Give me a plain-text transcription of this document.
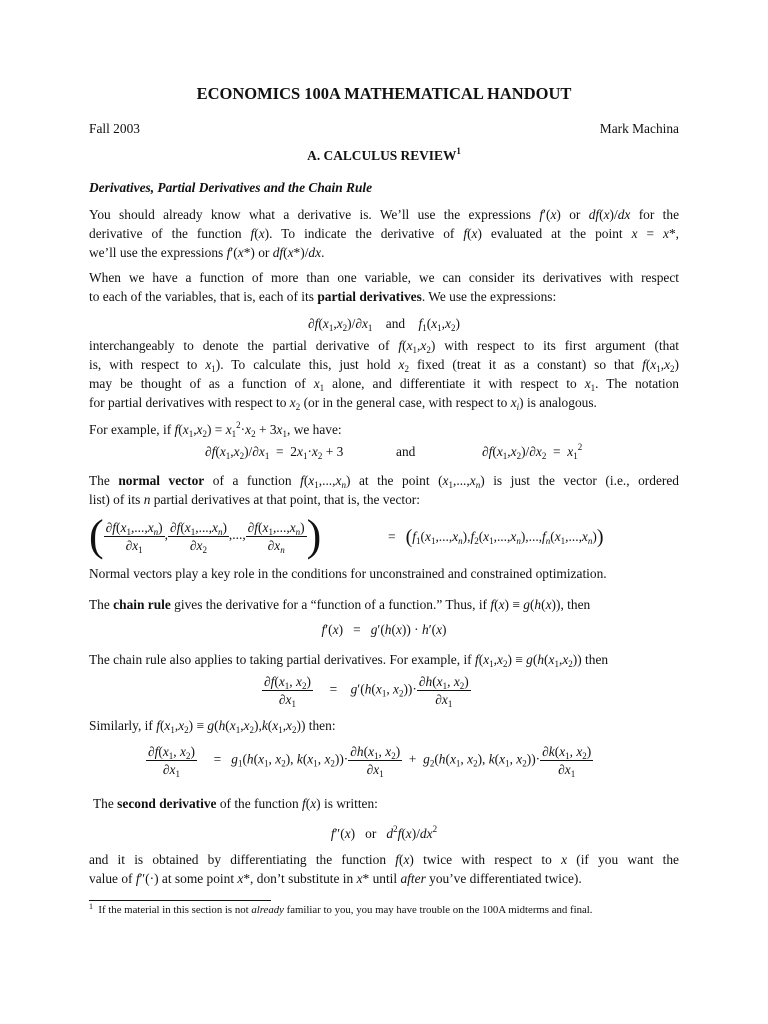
ECONOMICS 100A MATHEMATICAL HANDOUT
Fall 2003	Mark Machina
A. CALCULUS REVIEW$^1$
Derivatives, Partial Derivatives and the Chain Rule
You should already know what a derivative is. We’ll use the expressions f′(x) or df(x)/dx for the
derivative of the function f(x). To indicate the derivative of f(x) evaluated at the point x = x*,
we’ll use the expressions f′(x*) or df(x*)/dx.
When we have a function of more than one variable, we can consider its derivatives with respect
to each of the variables, that is, each of its partial derivatives. We use the expressions:
$\partial f(x_1,x_2)/\partial x_1$ and $f_1(x_1,x_2)$
interchangeably to denote the partial derivative of $f(x_1,x_2)$ with respect to its first argument (that
is, with respect to $x_1$). To calculate this, just hold $x_2$ fixed (treat it as a constant) so that $f(x_1,x_2)$
may be thought of as a function of $x_1$ alone, and differentiate it with respect to $x_1$. The notation
for partial derivatives with respect to $x_2$ (or in the general case, with respect to $x_i$) is analogous.
For example, if $f(x_1,x_2) = x_1^2\cdot x_2 + 3x_1$, we have:
$\partial f(x_1,x_2)/\partial x_1 = 2x_1\cdot x_2 + 3$	and	$\partial f(x_1,x_2)/\partial x_2 = x_1^2$
The normal vector of a function $f(x_1,...,x_n)$ at the point $(x_1,...,x_n)$ is just the vector (i.e., ordered
list) of its n partial derivatives at that point, that is, the vector:
( $\frac{\partial f(x_1,...,x_n)}{\partial x_1}$ , $\frac{\partial f(x_1,...,x_n)}{\partial x_2}$ ,..., $\frac{\partial f(x_1,...,x_n)}{\partial x_n}$ )	=   $(f_1(x_1,...,x_n),f_2(x_1,...,x_n),...,f_n(x_1,...,x_n))$
Normal vectors play a key role in the conditions for unconstrained and constrained optimization.
The chain rule gives the derivative for a “function of a function.” Thus, if f(x) ≡ g(h(x)), then
f′(x)   =   g′(h(x)) · h′(x)
The chain rule also applies to taking partial derivatives. For example, if $f(x_1,x_2) \equiv g(h(x_1,x_2))$ then
$\frac{\partial f(x_1, x_2)}{\partial x_1}$ =    $g'(h(x_1$, $x_2))\cdot \frac{\partial h(x_1, x_2)}{\partial x_1}$
Similarly, if $f(x_1,x_2) \equiv g(h(x_1,x_2),k(x_1,x_2))$ then:
$\frac{\partial f(x_1, x_2)}{\partial x_1} = g_1(h(x_1$, $x_2$), $k(x_1$, $x_2))\cdot \frac{\partial h(x_1, x_2)}{\partial x_1} + g_2(h(x_1$, $x_2$), $k(x_1$, $x_2))\cdot \frac{\partial k(x_1, x_2)}{\partial x_1}$
The second derivative of the function f(x) is written:
f″(x)   or $d^2f(x)/dx^2$
and it is obtained by differentiating the function f(x) twice with respect to x (if you want the
value of f″(·) at some point x*, don’t substitute in x* until after you’ve differentiated twice).
$^1$ If the material in this section is not already familiar to you, you may have trouble on the 100A midterms and final.
